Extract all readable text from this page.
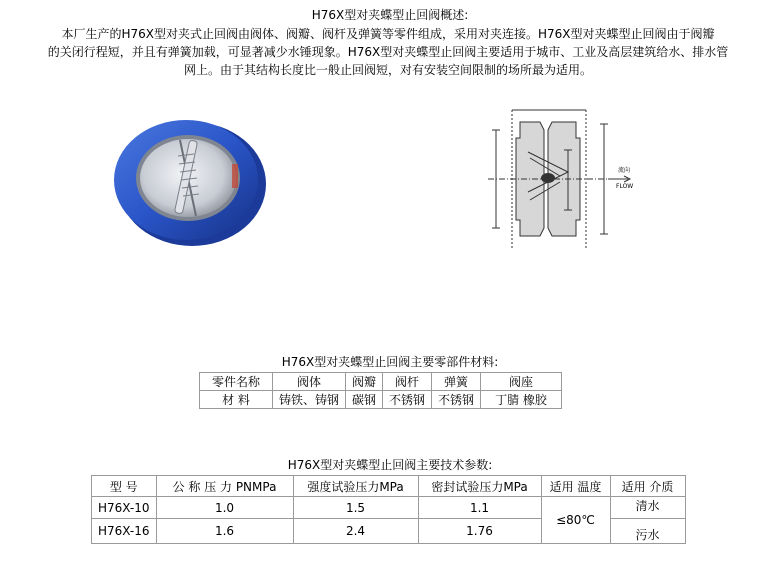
H76X型对夹蝶型止回阀概述:
本厂生产的H76X型对夹式止回阀由阀体、阀瓣、阀杆及弹簧等零件组成，采用对夹连接。H76X型对夹蝶型止回阀由于阀瓣
的关闭行程短，并且有弹簧加载，可显著减少水锤现象。H76X型对夹蝶型止回阀主要适用于城市、工业及高层建筑给水、排水管
网上。由于其结构长度比一般止回阀短，对有安装空间限制的场所最为适用。
流向
FLOW
H76X型对夹蝶型止回阀主要零部件材料:
零件名称	阀体	阀瓣	阀杆	弹簧	阀座
材 料	铸铁、铸钢	碳钢	不锈钢	不锈钢	丁腈 橡胶
H76X型对夹蝶型止回阀主要技术参数:
型 号	公 称 压 力 PNMPa	强度试验压力MPa	密封试验压力MPa	适用 温度	适用 介质
H76X-10	1.0	1.5	1.1	≤80℃	清水
H76X-16	1.6	2.4	1.76		污水
